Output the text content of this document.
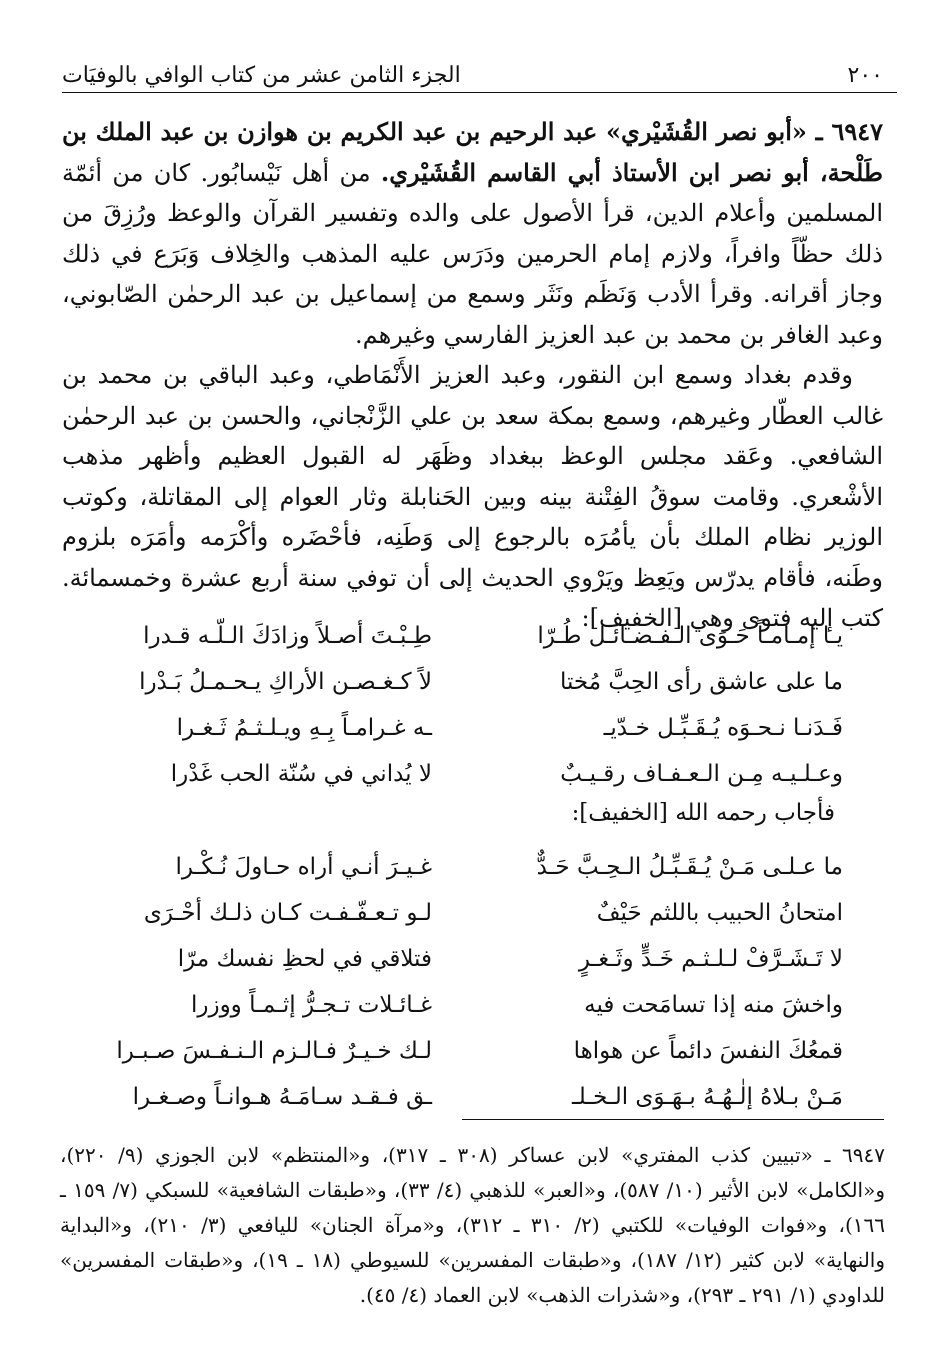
٢٠٠
الجزء الثامن عشر من كتاب الوافي بالوفيَات

٦٩٤٧ ـ «أبو نصر القُشَيْري» عبد الرحيم بن عبد الكريم بن هوازن بن عبد الملك بن طَلْحة، أبو نصر ابن الأستاذ أبي القاسم القُشَيْري. من أهل نَيْسابُور. كان من أئمّة المسلمين وأعلام الدين، قرأ الأصول على والده وتفسير القرآن والوعظ ورُزِقَ من ذلك حظّاً وافراً، ولازم إمام الحرمين ودَرَس عليه المذهب والخِلاف وَبَرَع في ذلك وجاز أقرانه. وقرأ الأدب وَنَظَم ونَثَر وسمع من إسماعيل بن عبد الرحمٰن الصّابوني، وعبد الغافر بن محمد بن عبد العزيز الفارسي وغيرهم.

وقدم بغداد وسمع ابن النقور، وعبد العزيز الأَنْمَاطي، وعبد الباقي بن محمد بن غالب العطّار وغيرهم، وسمع بمكة سعد بن علي الزَّنْجاني، والحسن بن عبد الرحمٰن الشافعي. وعَقد مجلس الوعظ ببغداد وظَهَر له القبول العظيم وأظهر مذهب الأشْعري. وقامت سوقُ الفِتْنة بينه وبين الحَنابلة وثار العوام إلى المقاتلة، وكوتب الوزير نظام الملك بأن يأمُرَه بالرجوع إلى وَطَنِه، فأحْضَره وأكْرَمه وأمَرَه بلزوم وطَنه، فأقام يدرّس ويَعِظ ويَرْوي الحديث إلى أن توفي سنة أربع عشرة وخمسمائة. كتب إليه فتوى وهي [الخفيف]:

يـا إمـامـاً حَـوَى الـفـضـائـل طُـرّا
طِـبْـتَ أصـلاً وزادَكَ الـلّـه قـدرا
ما على عاشق رأى الحِبَّ مُختا
لاً كـغـصـن الأراكِ يـحـمـلُ بَـدْرا
فَـدَنـا نـحـوَه يُـقَـبِّـل خـدّيـ
ـه غـرامـاً بِـهِ ويـلـثـمُ ثَـغـرا
وعـلـيـه مِـن الـعـفـاف رقـيـبٌ
لا يُداني في سُنّة الحب غَدْرا
فأجاب رحمه الله [الخفيف]:
ما عـلـى مَـنْ يُـقَـبِّـلُ الـحِـبَّ حَـدٌّ
غـيـرَ أنـي أراه حـاولَ نُـكْـرا
امتحانُ الحبيب باللثم حَيْفٌ
لـو تـعـفّـفـت كـان ذلـك أحْـرَى
لا تَـشَـرَّفْ لـلـثـم خَـدٍّ وثَـغـرٍ
فتلاقي في لحظِ نفسك مرّا
واخشَ منه إذا تسامَحت فيه
غـائـلات تـجـرُّ إثـمـاً ووزرا
قمعُكَ النفسَ دائماً عن هواها
لـك خـيـرٌ فـالـزم الـنـفـسَ صـبـرا
مَـنْ بـلاهُ إلٰـهُـهُ بـهَـوَى الـخـلـ
ـق فـقـد سـامَـهُ هـوانـاً وصـغـرا
٦٩٤٧ ـ «تبيين كذب المفتري» لابن عساكر (٣٠٨ ـ ٣١٧)، و«المنتظم» لابن الجوزي (٩/ ٢٢٠)، و«الكامل» لابن الأثير (١٠/ ٥٨٧)، و«العبر» للذهبي (٤/ ٣٣)، و«طبقات الشافعية» للسبكي (٧/ ١٥٩ ـ ١٦٦)، و«فوات الوفيات» للكتبي (٢/ ٣١٠ ـ ٣١٢)، و«مرآة الجنان» لليافعي (٣/ ٢١٠)، و«البداية والنهاية» لابن كثير (١٢/ ١٨٧)، و«طبقات المفسرين» للسيوطي (١٨ ـ ١٩)، و«طبقات المفسرين» للداودي (١/ ٢٩١ ـ ٢٩٣)، و«شذرات الذهب» لابن العماد (٤/ ٤٥).
